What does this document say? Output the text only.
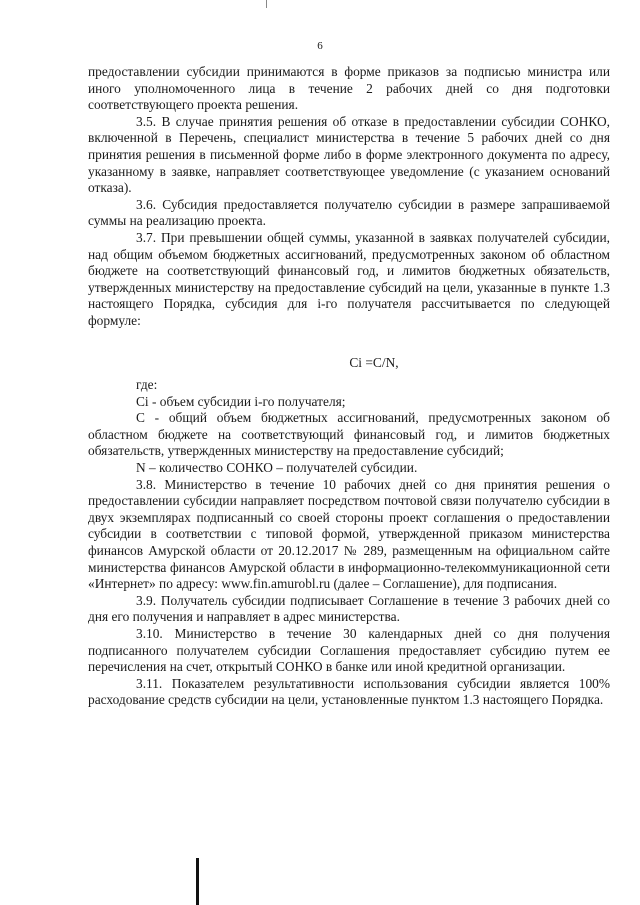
6

предоставлении субсидии принимаются в форме приказов за подписью министра или иного уполномоченного лица в течение 2 рабочих дней со дня подготовки соответствующего проекта решения.

3.5. В случае принятия решения об отказе в предоставлении субсидии СОНКО, включенной в Перечень, специалист министерства в течение 5 рабочих дней со дня принятия решения в письменной форме либо в форме электронного документа по адресу, указанному в заявке, направляет соответствующее уведомление (с указанием оснований отказа).

3.6. Субсидия предоставляется получателю субсидии в размере запрашиваемой суммы на реализацию проекта.

3.7. При превышении общей суммы, указанной в заявках получателей субсидии, над общим объемом бюджетных ассигнований, предусмотренных законом об областном бюджете на соответствующий финансовый год, и лимитов бюджетных обязательств, утвержденных министерству на предоставление субсидий на цели, указанные в пункте 1.3 настоящего Порядка, субсидия для i-го получателя рассчитывается по следующей формуле:

Ci =C/N,

где:

Ci - объем субсидии i-го получателя;

C - общий объем бюджетных ассигнований, предусмотренных законом об областном бюджете на соответствующий финансовый год, и лимитов бюджетных обязательств, утвержденных министерству на предоставление субсидий;

N – количество СОНКО – получателей субсидии.

3.8. Министерство в течение 10 рабочих дней со дня принятия решения о предоставлении субсидии направляет посредством почтовой связи получателю субсидии в двух экземплярах подписанный со своей стороны проект соглашения о предоставлении субсидии в соответствии с типовой формой, утвержденной приказом министерства финансов Амурской области от 20.12.2017 № 289, размещенным на официальном сайте министерства финансов Амурской области в информационно-телекоммуникационной сети «Интернет» по адресу: www.fin.amurobl.ru (далее – Соглашение), для подписания.

3.9. Получатель субсидии подписывает Соглашение в течение 3 рабочих дней со дня его получения и направляет в адрес министерства.

3.10. Министерство в течение 30 календарных дней со дня получения подписанного получателем субсидии Соглашения предоставляет субсидию путем ее перечисления на счет, открытый СОНКО в банке или иной кредитной организации.

3.11. Показателем результативности использования субсидии является 100% расходование средств субсидии на цели, установленные пунктом 1.3 настоящего Порядка.
